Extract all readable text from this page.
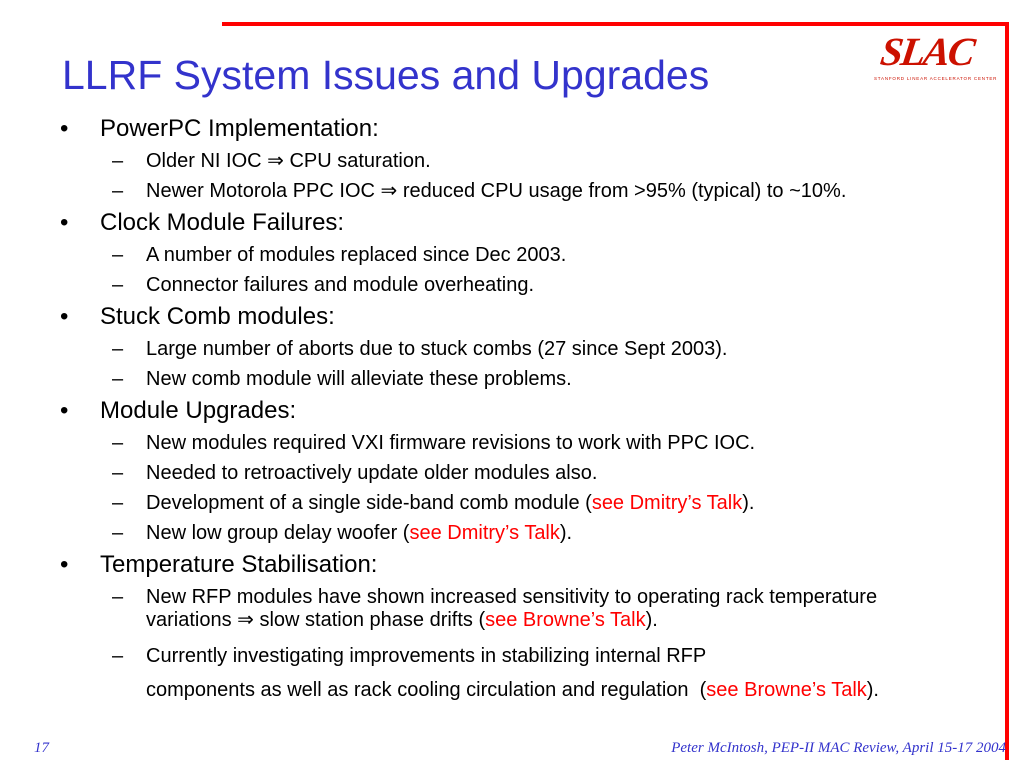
LLRF System Issues and Upgrades
SLAC
STANFORD LINEAR ACCELERATOR CENTER
• PowerPC Implementation:
– Older NI IOC ⇒ CPU saturation.
– Newer Motorola PPC IOC ⇒ reduced CPU usage from >95% (typical) to ~10%.
• Clock Module Failures:
– A number of modules replaced since Dec 2003.
– Connector failures and module overheating.
• Stuck Comb modules:
– Large number of aborts due to stuck combs (27 since Sept 2003).
– New comb module will alleviate these problems.
• Module Upgrades:
– New modules required VXI firmware revisions to work with PPC IOC.
– Needed to retroactively update older modules also.
– Development of a single side-band comb module (see Dmitry’s Talk).
– New low group delay woofer (see Dmitry’s Talk).
• Temperature Stabilisation:
– New RFP modules have shown increased sensitivity to operating rack temperature variations ⇒ slow station phase drifts (see Browne’s Talk).
– Currently investigating improvements in stabilizing internal RFP
components as well as rack cooling circulation and regulation  (see Browne’s Talk).
17	Peter McIntosh, PEP-II MAC Review, April 15-17 2004
